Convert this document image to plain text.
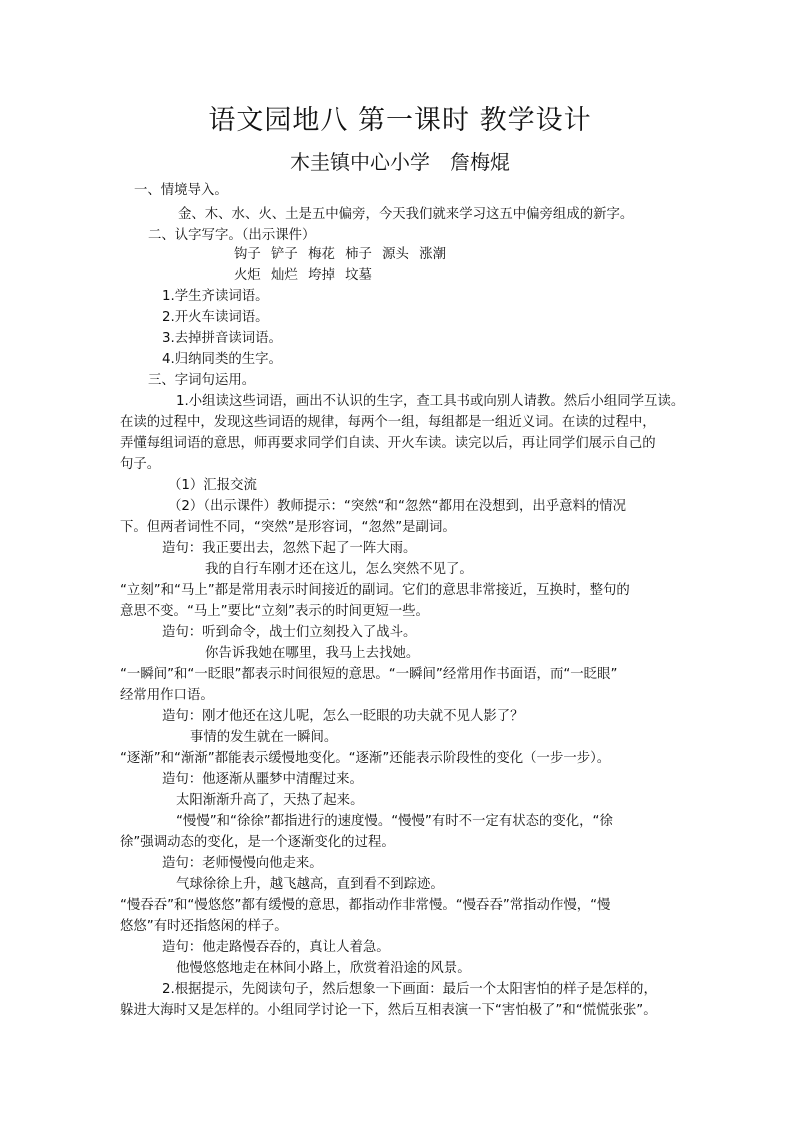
语文园地八 第一课时 教学设计
木圭镇中心小学 詹梅焜
一、情境导入。
金、木、水、火、土是五中偏旁，今天我们就来学习这五中偏旁组成的新字。
二、认字写字。（出示课件）
钩子 铲子 梅花 柿子 源头 涨潮
火炬 灿烂 垮掉 坟墓
1.学生齐读词语。
2.开火车读词语。
3.去掉拼音读词语。
4.归纳同类的生字。
三、字词句运用。
1.小组读这些词语，画出不认识的生字，查工具书或向别人请教。然后小组同学互读。
在读的过程中，发现这些词语的规律，每两个一组，每组都是一组近义词。在读的过程中，
弄懂每组词语的意思，师再要求同学们自读、开火车读。读完以后，再让同学们展示自己的
句子。
（1）汇报交流
（2）（出示课件）教师提示：“突然“和“忽然“都用在没想到，出乎意料的情况
下。但两者词性不同，“突然”是形容词，“忽然”是副词。
造句：我正要出去，忽然下起了一阵大雨。
我的自行车刚才还在这儿，怎么突然不见了。
“立刻”和“马上”都是常用表示时间接近的副词。它们的意思非常接近，互换时，整句的
意思不变。“马上”要比“立刻”表示的时间更短一些。
造句：听到命令，战士们立刻投入了战斗。
你告诉我她在哪里，我马上去找她。
“一瞬间”和“一眨眼”都表示时间很短的意思。“一瞬间”经常用作书面语，而“一眨眼”
经常用作口语。
造句：刚才他还在这儿呢，怎么一眨眼的功夫就不见人影了？
事情的发生就在一瞬间。
“逐渐”和“渐渐”都能表示缓慢地变化。“逐渐”还能表示阶段性的变化（一步一步）。
造句：他逐渐从噩梦中清醒过来。
太阳渐渐升高了，天热了起来。
“慢慢”和“徐徐”都指进行的速度慢。“慢慢”有时不一定有状态的变化，“徐
徐”强调动态的变化，是一个逐渐变化的过程。
造句：老师慢慢向他走来。
气球徐徐上升，越飞越高，直到看不到踪迹。
“慢吞吞”和“慢悠悠”都有缓慢的意思，都指动作非常慢。“慢吞吞”常指动作慢，“慢
悠悠”有时还指悠闲的样子。
造句：他走路慢吞吞的，真让人着急。
他慢悠悠地走在林间小路上，欣赏着沿途的风景。
2.根据提示，先阅读句子，然后想象一下画面：最后一个太阳害怕的样子是怎样的，
躲进大海时又是怎样的。小组同学讨论一下，然后互相表演一下“害怕极了”和“慌慌张张”。
